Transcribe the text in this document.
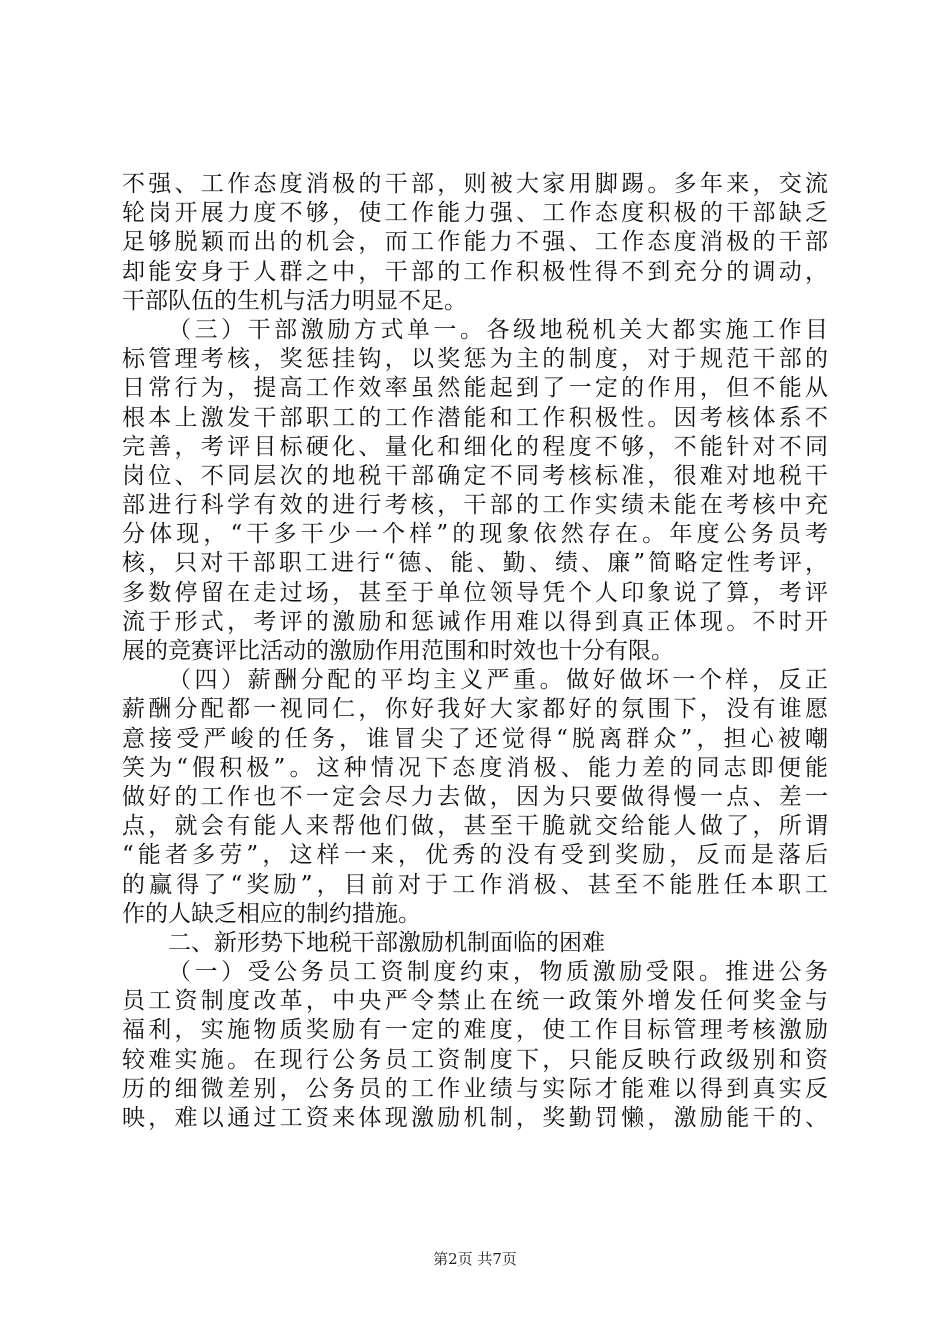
不强、工作态度消极的干部，则被大家用脚踢。多年来，交流
轮岗开展力度不够，使工作能力强、工作态度积极的干部缺乏
足够脱颖而出的机会，而工作能力不强、工作态度消极的干部
却能安身于人群之中，干部的工作积极性得不到充分的调动，
干部队伍的生机与活力明显不足。
（三）干部激励方式单一。各级地税机关大都实施工作目
标管理考核，奖惩挂钩，以奖惩为主的制度，对于规范干部的
日常行为，提高工作效率虽然能起到了一定的作用，但不能从
根本上激发干部职工的工作潜能和工作积极性。因考核体系不
完善，考评目标硬化、量化和细化的程度不够，不能针对不同
岗位、不同层次的地税干部确定不同考核标准，很难对地税干
部进行科学有效的进行考核，干部的工作实绩未能在考核中充
分体现，“干多干少一个样”的现象依然存在。年度公务员考
核，只对干部职工进行“德、能、勤、绩、廉”简略定性考评，
多数停留在走过场，甚至于单位领导凭个人印象说了算，考评
流于形式，考评的激励和惩诫作用难以得到真正体现。不时开
展的竞赛评比活动的激励作用范围和时效也十分有限。
（四）薪酬分配的平均主义严重。做好做坏一个样，反正
薪酬分配都一视同仁，你好我好大家都好的氛围下，没有谁愿
意接受严峻的任务，谁冒尖了还觉得“脱离群众”，担心被嘲
笑为“假积极”。这种情况下态度消极、能力差的同志即便能
做好的工作也不一定会尽力去做，因为只要做得慢一点、差一
点，就会有能人来帮他们做，甚至干脆就交给能人做了，所谓
“能者多劳”，这样一来，优秀的没有受到奖励，反而是落后
的赢得了“奖励”，目前对于工作消极、甚至不能胜任本职工
作的人缺乏相应的制约措施。
二、新形势下地税干部激励机制面临的困难
（一）受公务员工资制度约束，物质激励受限。推进公务
员工资制度改革，中央严令禁止在统一政策外增发任何奖金与
福利，实施物质奖励有一定的难度，使工作目标管理考核激励
较难实施。在现行公务员工资制度下，只能反映行政级别和资
历的细微差别，公务员的工作业绩与实际才能难以得到真实反
映，难以通过工资来体现激励机制，奖勤罚懒，激励能干的、
第2页 共7页
